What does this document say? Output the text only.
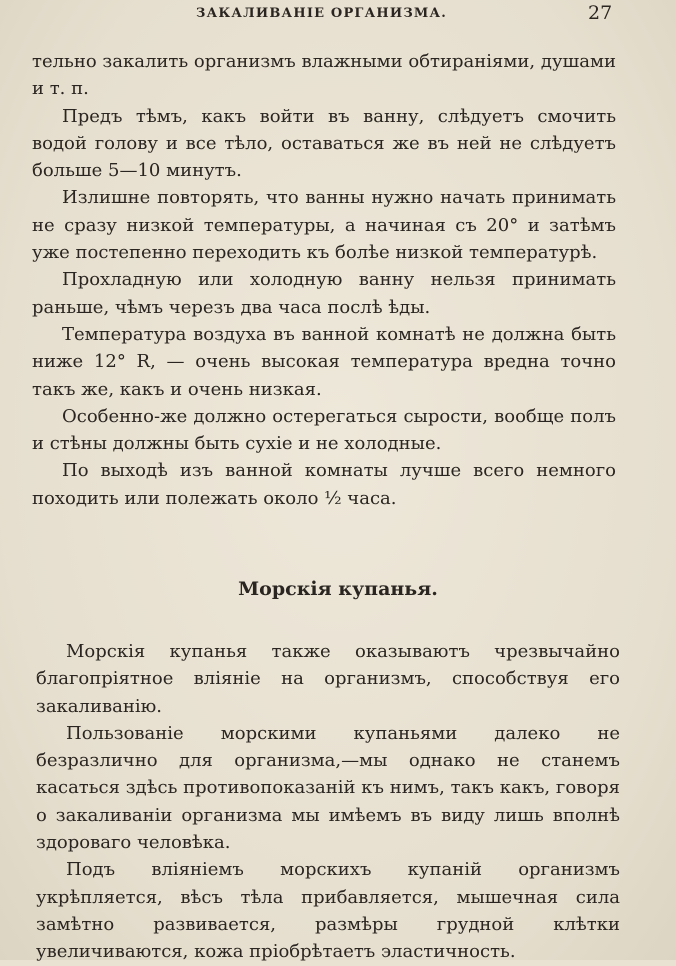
ЗАКАЛИВАНІЕ ОРГАНИЗМА.	27

тельно закалить организмъ влажными обтираніями, душами и т. п.

Предъ тѣмъ, какъ войти въ ванну, слѣдуетъ смочить водой голову и все тѣло, оставаться же въ ней не слѣдуетъ больше 5—10 минутъ.

Излишне повторять, что ванны нужно начать принимать не сразу низкой температуры, а начиная съ 20° и затѣмъ уже постепенно переходить къ болѣе низкой температурѣ.

Прохладную или холодную ванну нельзя принимать раньше, чѣмъ черезъ два часа послѣ ѣды.

Температура воздуха въ ванной комнатѣ не должна быть ниже 12° R, — очень высокая температура вредна точно такъ же, какъ и очень низкая.

Особенно-же должно остерегаться сырости, вообще полъ и стѣны должны быть сухіе и не холодные.

По выходѣ изъ ванной комнаты лучше всего немного походить или полежать около ½ часа.

Морскія купанья.

Морскія купанья также оказываютъ чрезвычайно благопріятное вліяніе на организмъ, способствуя его закаливанію.

Пользованіе морскими купаньями далеко не безразлично для организма,—мы однако не станемъ касаться здѣсь противопоказаній къ нимъ, такъ какъ, говоря о закаливаніи организма мы имѣемъ въ виду лишь вполнѣ здороваго человѣка.

Подъ вліяніемъ морскихъ купаній организмъ укрѣпляется, вѣсъ тѣла прибавляется, мышечная сила замѣтно развивается, размѣры грудной клѣтки увеличиваются, кожа пріобрѣтаетъ эластичность.
